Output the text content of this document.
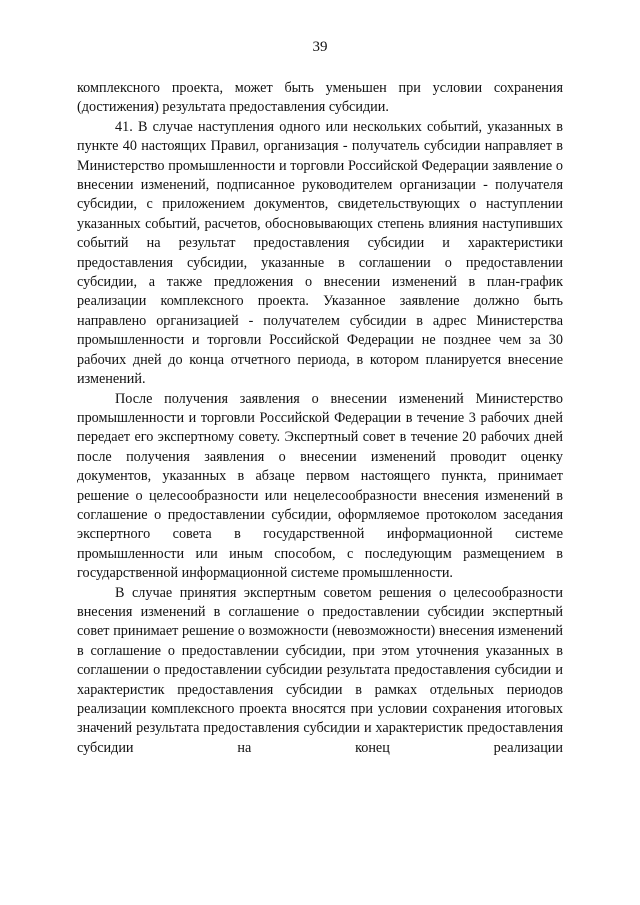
39

комплексного проекта, может быть уменьшен при условии сохранения (достижения) результата предоставления субсидии.

41. В случае наступления одного или нескольких событий, указанных в пункте 40 настоящих Правил, организация - получатель субсидии направляет в Министерство промышленности и торговли Российской Федерации заявление о внесении изменений, подписанное руководителем организации - получателя субсидии, с приложением документов, свидетельствующих о наступлении указанных событий, расчетов, обосновывающих степень влияния наступивших событий на результат предоставления субсидии и характеристики предоставления субсидии, указанные в соглашении о предоставлении субсидии, а также предложения о внесении изменений в план-график реализации комплексного проекта. Указанное заявление должно быть направлено организацией - получателем субсидии в адрес Министерства промышленности и торговли Российской Федерации не позднее чем за 30 рабочих дней до конца отчетного периода, в котором планируется внесение изменений.

После получения заявления о внесении изменений Министерство промышленности и торговли Российской Федерации в течение 3 рабочих дней передает его экспертному совету. Экспертный совет в течение 20 рабочих дней после получения заявления о внесении изменений проводит оценку документов, указанных в абзаце первом настоящего пункта, принимает решение о целесообразности или нецелесообразности внесения изменений в соглашение о предоставлении субсидии, оформляемое протоколом заседания экспертного совета в государственной информационной системе промышленности или иным способом, с последующим размещением в государственной информационной системе промышленности.

В случае принятия экспертным советом решения о целесообразности внесения изменений в соглашение о предоставлении субсидии экспертный совет принимает решение о возможности (невозможности) внесения изменений в соглашение о предоставлении субсидии, при этом уточнения указанных в соглашении о предоставлении субсидии результата предоставления субсидии и характеристик предоставления субсидии в рамках отдельных периодов реализации комплексного проекта вносятся при условии сохранения итоговых значений результата предоставления субсидии и характеристик предоставления субсидии на конец реализации
